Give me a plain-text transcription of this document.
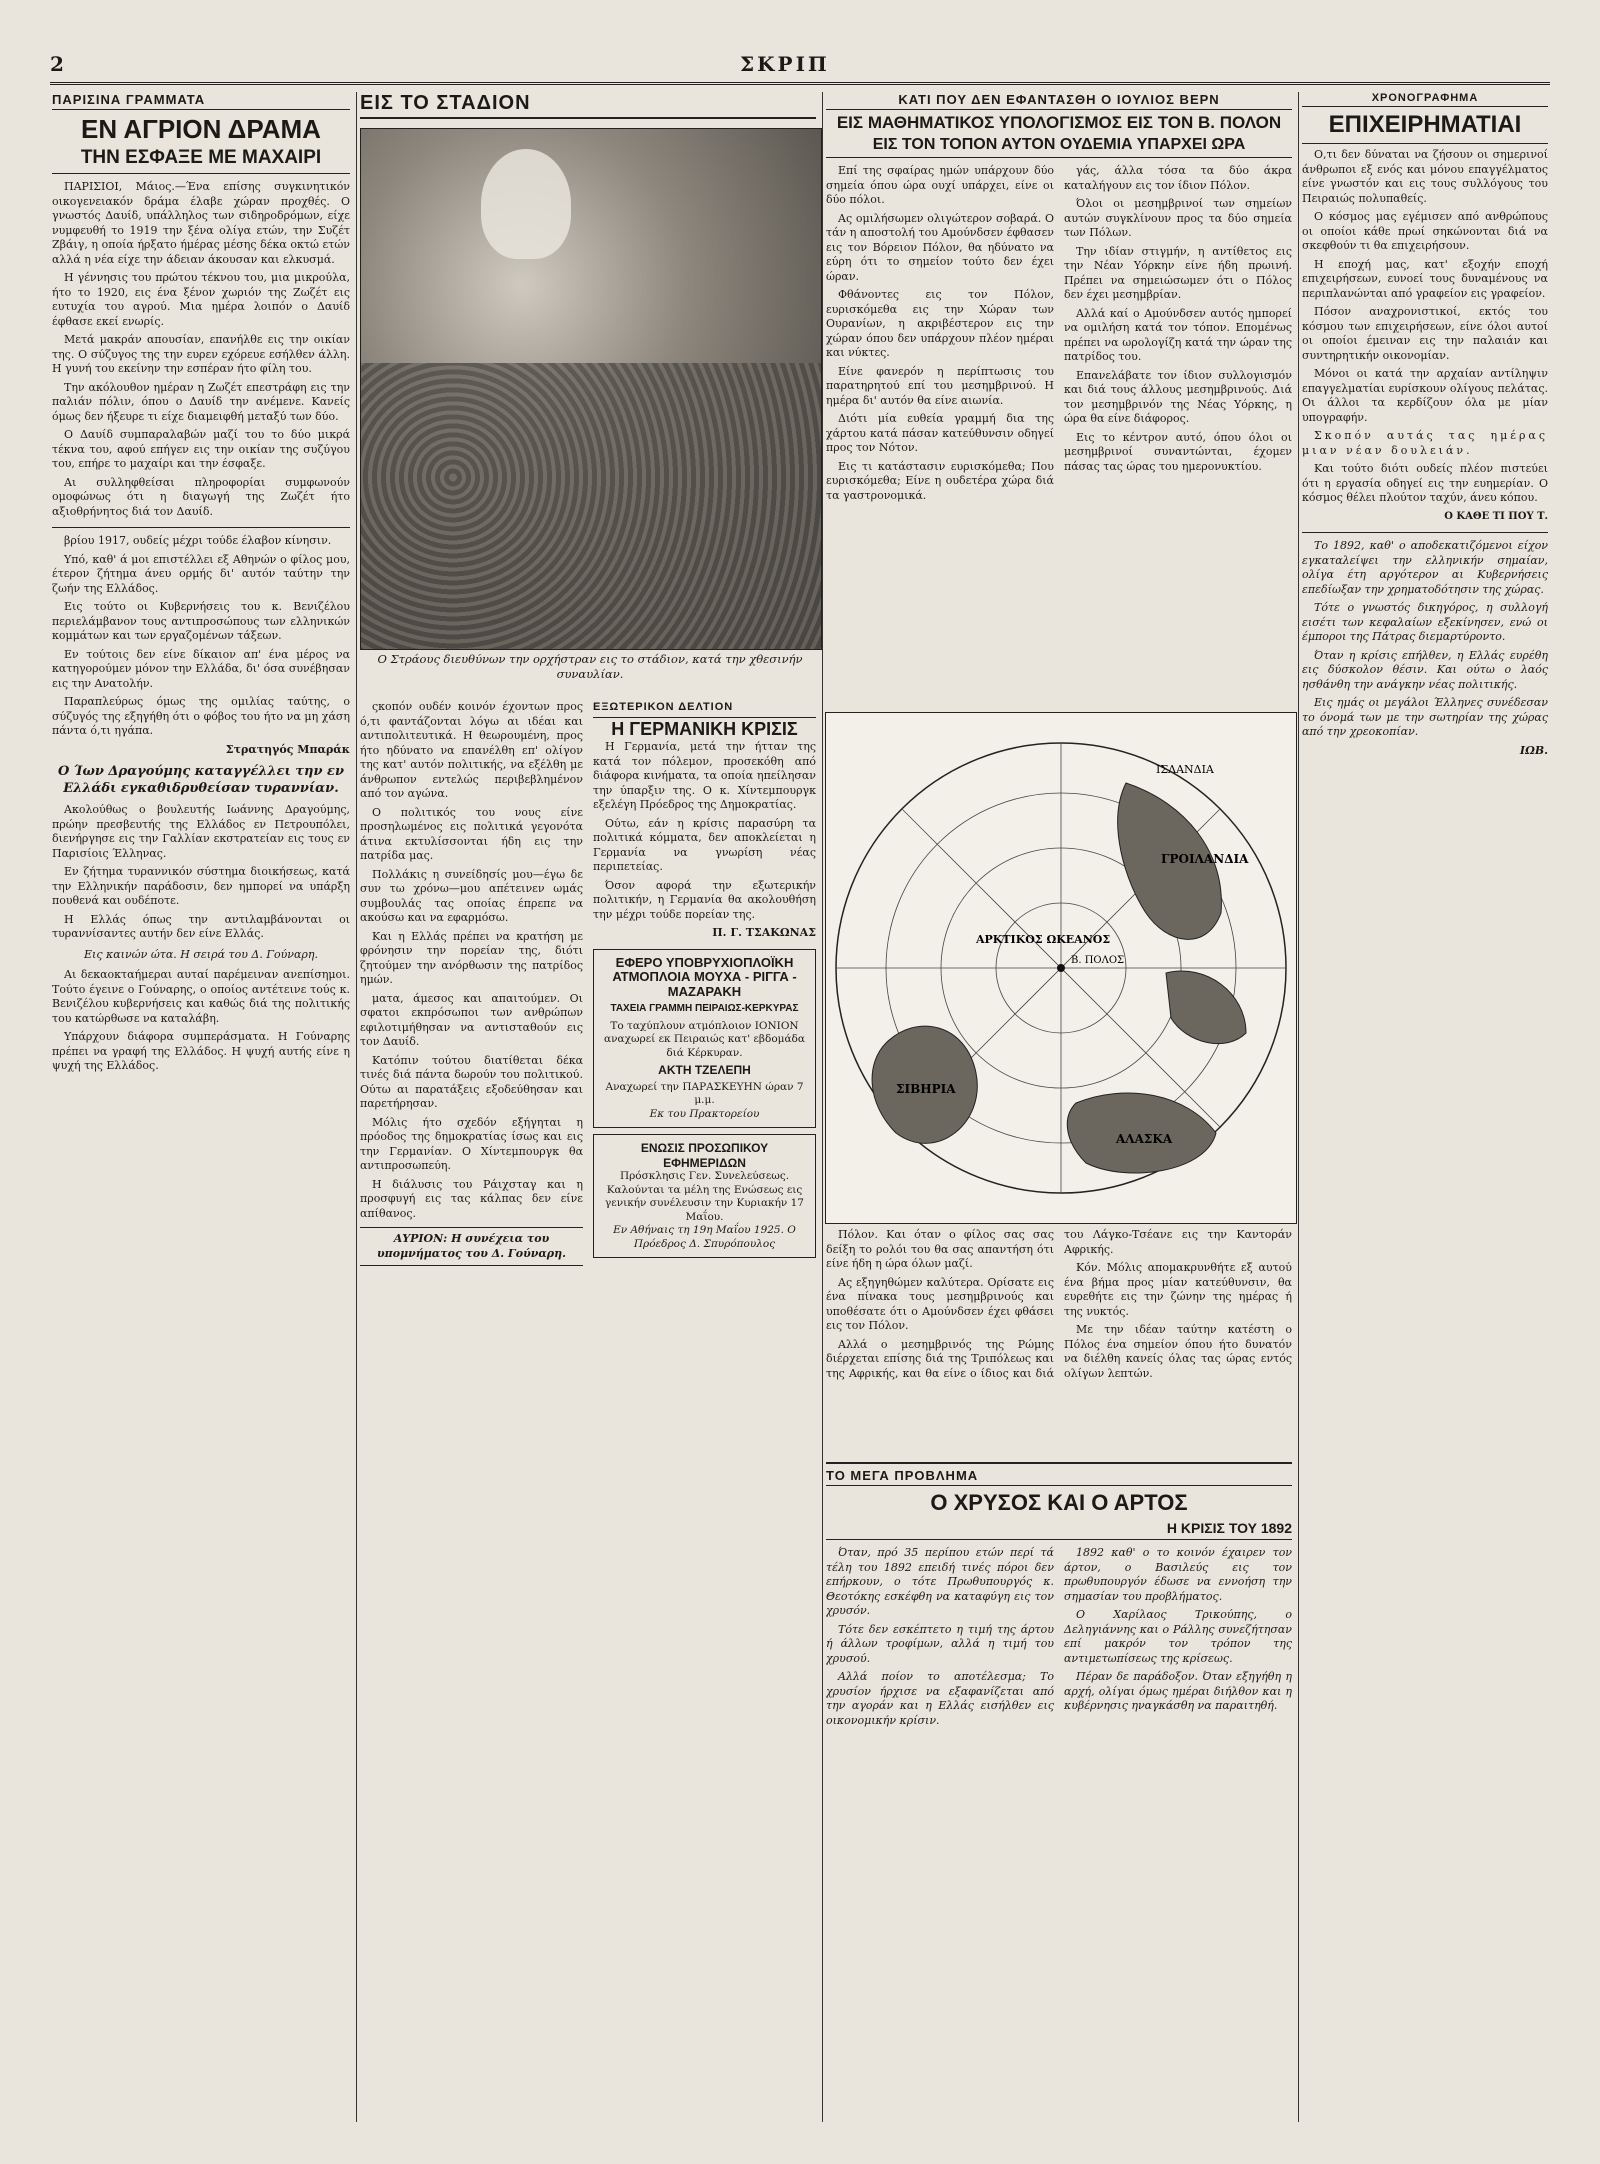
2	ΣΚΡΙΠ
ΠΑΡΙΣΙΝΑ ΓΡΑΜΜΑΤΑ
ΕΝ ΑΓΡΙΟΝ ΔΡΑΜΑ
ΤΗΝ ΕΣΦΑΞΕ ΜΕ ΜΑΧΑΙΡΙ

ΠΑΡΙΣΙΟΙ, Μάιος.—Ένα επίσης συγκινητικόν οικογενειακόν δράμα έλαβε χώραν προχθές. Ο γνωστός Δαυίδ, υπάλληλος των σιδηροδρόμων, είχε νυμφευθή το 1919 την ξένα ολίγα ετών, την Συζέτ Ζβάιγ, η οποία ήρξατο ήμέρας μέσης δέκα οκτώ ετών αλλά η νέα είχε την άδειαν άκουσαν και ελκυσμά.

Η γέννησις του πρώτου τέκνου του, μια μικρούλα, ήτο το 1920, εις ένα ξένον χωριόν της Ζωζέτ εις ευτυχία του αγρού. Μια ημέρα λοιπόν ο Δαυίδ έφθασε εκεί ενωρίς.

Μετά μακράν απουσίαν, επανήλθε εις την οικίαν της. Ο σύζυγος της την ευρεν εχόρευε εσήλθεν άλλη. Η γυνή του εκείνην την εσπέραν ήτο φίλη του.

Την ακόλουθον ημέραν η Ζωζέτ επεστράφη εις την παλιάν πόλιν, όπου ο Δαυίδ την ανέμενε. Κανείς όμως δεν ήξευρε τι είχε διαμειφθή μεταξύ των δύο.

Ο Δαυίδ συμπαραλαβών μαζί του το δύο μικρά τέκνα του, αφού επήγεν εις την οικίαν της συζύγου του, επήρε το μαχαίρι και την έσφαξε.

Αι συλληφθείσαι πληροφορίαι συμφωνούν ομοφώνως ότι η διαγωγή της Ζωζέτ ήτο αξιοθρήνητος διά τον Δαυίδ.

βρίου 1917, ουδείς μέχρι τούδε έλαβον κίνησιν.

Υπό, καθ' ά μοι επιστέλλει εξ Αθηνών ο φίλος μου, έτερον ζήτημα άνευ ορμής δι' αυτόν ταύτην την ζωήν της Ελλάδος.

Εις τούτο οι Κυβερνήσεις του κ. Βενιζέλου περιελάμβανον τους αντιπροσώπους των ελληνικών κομμάτων και των εργαζομένων τάξεων.

Εν τούτοις δεν είνε δίκαιον απ' ένα μέρος να κατηγορούμεν μόνον την Ελλάδα, δι' όσα συνέβησαν εις την Ανατολήν.

Παραπλεύρως όμως της ομιλίας ταύτης, ο σύζυγός της εξηγήθη ότι ο φόβος του ήτο να μη χάση πάντα ό,τι ηγάπα.

Στρατηγός Μπαράκ
Ο Ίων Δραγούμης καταγγέλλει την εν Ελλάδι εγκαθιδρυθείσαν τυραννίαν.

Ακολούθως ο βουλευτής Ιωάννης Δραγούμης, πρώην πρεσβευτής της Ελλάδος εν Πετρουπόλει, διενήργησε εις την Γαλλίαν εκστρατείαν εις τους εν Παρισίοις Έλληνας.

Εν ζήτημα τυραννικόν σύστημα διοικήσεως, κατά την Ελληνικήν παράδοσιν, δεν ημπορεί να υπάρξη πουθενά και ουδέποτε.

Η Ελλάς όπως την αντιλαμβάνονται οι τυραννίσαντες αυτήν δεν είνε Ελλάς.

Εις καινών ώτα. Η σειρά του Δ. Γούναρη.

Αι δεκαοκταήμεραι αυταί παρέμειναν ανεπίσημοι. Τούτο έγεινε ο Γούναρης, ο οποίος αντέτεινε τούς κ. Βενιζέλου κυβερνήσεις και καθώς διά της πολιτικής του κατώρθωσε να καταλάβη.

Υπάρχουν διάφορα συμπεράσματα. Η Γούναρης πρέπει να γραφή της Ελλάδος. Η ψυχή αυτής είνε η ψυχή της Ελλάδος.

ΕΙΣ ΤΟ ΣΤΑΔΙΟΝ
Ο Στράους διευθύνων την ορχήστραν εις το στάδιον, κατά την χθεσινήν συναυλίαν.

ςκοπόν ουδέν κοινόν έχοντων προς ό,τι φαντάζονται λόγω αι ιδέαι και αντιπολιτευτικά. Η θεωρουμένη, προς ήτο ηδύνατο να επανέλθη επ' ολίγον της κατ' αυτόν πολιτικής, να εξέλθη με άνθρωπον εντελώς περιβεβλημένον από τον αγώνα.

Ο πολιτικός του νους είνε προσηλωμένος εις πολιτικά γεγονότα άτινα εκτυλίσσονται ήδη εις την πατρίδα μας.

Πολλάκις η συνείδησίς μου—έγω δε συν τω χρόνω—μου απέτεινεν ωμάς συμβουλάς τας οποίας έπρεπε να ακούσω και να εφαρμόσω.

Και η Ελλάς πρέπει να κρατήση με φρόνησιν την πορείαν της, διότι ζητούμεν την ανόρθωσιν της πατρίδος ημών.

ματα, άμεσος και απαιτούμεν. Οι σφατοι εκπρόσωποι των ανθρώπων εφιλοτιμήθησαν να αντισταθούν εις τον Δαυίδ.

Κατόπιν τούτου διατίθεται δέκα τινές διά πάντα δωρούν του πολιτικού. Ούτω αι παρατάξεις εξοδεύθησαν και παρετήρησαν.

Μόλις ήτο σχεδόν εξήγηται η πρόοδος της δημοκρατίας ίσως και εις την Γερμανίαν. Ο Χίντεμπουργκ θα αντιπροσωπεύη.

Η διάλυσις του Ράιχσταγ και η προσφυγή εις τας κάλπας δεν είνε απίθανος.

ΑΥΡΙΟΝ: Η συνέχεια του υπομνήματος του Δ. Γούναρη.
ΕΞΩΤΕΡΙΚΟΝ ΔΕΛΤΙΟΝ
Η ΓΕΡΜΑΝΙΚΗ ΚΡΙΣΙΣ

Η Γερμανία, μετά την ήτταν της κατά τον πόλεμον, προσεκόθη από διάφορα κινήματα, τα οποία ηπείλησαν την ύπαρξιν της. Ο κ. Χίντεμπουργκ εξελέγη Πρόεδρος της Δημοκρατίας.

Ούτω, εάν η κρίσις παρασύρη τα πολιτικά κόμματα, δεν αποκλείεται η Γερμανία να γνωρίση νέας περιπετείας.

Όσον αφορά την εξωτερικήν πολιτικήν, η Γερμανία θα ακολουθήση την μέχρι τούδε πορείαν της.

Π. Γ. ΤΣΑΚΩΝΑΣ
ΕΦΕΡΟ ΥΠΟΒΡΥΧΙΟΠΛΟΪΚΗ ΑΤΜΟΠΛΟΙΑ ΜΟΥΧΑ - ΡΙΓΓΑ - ΜΑΖΑΡΑΚΗ
ΤΑΧΕΙΑ ΓΡΑΜΜΗ ΠΕΙΡΑΙΩΣ-ΚΕΡΚΥΡΑΣ
Το ταχύπλουν ατμόπλοιον ΙΟΝΙΟΝ αναχωρεί εκ Πειραιώς κατ' εβδομάδα διά Κέρκυραν.
ΑΚΤΗ ΤΖΕΛΕΠΗ
Αναχωρεί την ΠΑΡΑΣΚΕΥΗΝ ώραν 7 μ.μ.
Εκ του Πρακτορείου
ΕΝΩΣΙΣ ΠΡΟΣΩΠΙΚΟΥ ΕΦΗΜΕΡΙΔΩΝ
Πρόσκλησις Γεν. Συνελεύσεως. Καλούνται τα μέλη της Ενώσεως εις γενικήν συνέλευσιν την Κυριακήν 17 Μαΐου.
Εν Αθήναις τη 19η Μαΐου 1925. Ο Πρόεδρος Δ. Σπυρόπουλος
ΚΑΤΙ ΠΟΥ ΔΕΝ ΕΦΑΝΤΑΣΘΗ Ο ΙΟΥΛΙΟΣ ΒΕΡΝ
ΕΙΣ ΜΑΘΗΜΑΤΙΚΟΣ ΥΠΟΛΟΓΙΣΜΟΣ ΕΙΣ ΤΟΝ Β. ΠΟΛΟΝ
ΕΙΣ ΤΟΝ ΤΟΠΟΝ ΑΥΤΟΝ ΟΥΔΕΜΙΑ ΥΠΑΡΧΕΙ ΩΡΑ

Επί της σφαίρας ημών υπάρχουν δύο σημεία όπου ώρα ουχί υπάρχει, είνε οι δύο πόλοι.

Ας ομιλήσωμεν ολιγώτερον σοβαρά. Ο τάν η αποστολή του Αμούνδσεν έφθασεν εις τον Βόρειον Πόλον, θα ηδύνατο να εύρη ότι το σημείον τούτο δεν έχει ώραν.

Φθάνοντες εις τον Πόλον, ευρισκόμεθα εις την Χώραν των Ουρανίων, η ακριβέστερον εις την χώραν όπου δεν υπάρχουν πλέον ημέραι και νύκτες.

Είνε φανερόν η περίπτωσις του παρατηρητού επί του μεσημβρινού. Η ημέρα δι' αυτόν θα είνε αιωνία.

Διότι μία ευθεία γραμμή δια της χάρτου κατά πάσαν κατεύθυνσιν οδηγεί προς τον Νότον.

Εις τι κατάστασιν ευρισκόμεθα; Που ευρισκόμεθα; Είνε η ουδετέρα χώρα διά τα γαστρονομικά.

γάς, άλλα τόσα τα δύο άκρα καταλήγουν εις τον ίδιον Πόλον.

Όλοι οι μεσημβρινοί των σημείων αυτών συγκλίνουν προς τα δύο σημεία των Πόλων.

Την ιδίαν στιγμήν, η αντίθετος εις την Νέαν Υόρκην είνε ήδη πρωινή. Πρέπει να σημειώσωμεν ότι ο Πόλος δεν έχει μεσημβρίαν.

Αλλά καί ο Αμούνδσεν αυτός ημπορεί να ομιλήση κατά τον τόπον. Επομένως πρέπει να ωρολογίζη κατά την ώραν της πατρίδος του.

Επανελάβατε τον ίδιον συλλογισμόν και διά τους άλλους μεσημβρινούς. Διά τον μεσημβρινόν της Νέας Υόρκης, η ώρα θα είνε διάφορος.

Εις το κέντρον αυτό, όπου όλοι οι μεσημβρινοί συναντώνται, έχομεν πάσας τας ώρας του ημερονυκτίου.

ΙΣΛΑΝΔΙΑ
ΓΡΟΙΛΑΝΔΙΑ
ΑΡΚΤΙΚΟΣ ΩΚΕΑΝΟΣ
ΣΙΒΗΡΙΑ
ΑΛΑΣΚΑ
Β. ΠΟΛΟΣ

Πόλον. Και όταν ο φίλος σας σας δείξη το ρολόι του θα σας απαντήση ότι είνε ήδη η ώρα όλων μαζί.

Ας εξηγηθώμεν καλύτερα. Ορίσατε εις ένα πίνακα τους μεσημβρινούς και υποθέσατε ότι ο Αμούνδσεν έχει φθάσει εις τον Πόλον.

Αλλά ο μεσημβρινός της Ρώμης διέρχεται επίσης διά της Τριπόλεως και της Αφρικής, και θα είνε ο ίδιος και διά του Λάγκο-Τσέανε εις την Καντοράν Αφρικής.

Κόν. Μόλις απομακρυνθήτε εξ αυτού ένα βήμα προς μίαν κατεύθυνσιν, θα ευρεθήτε εις την ζώνην της ημέρας ή της νυκτός.

Με την ιδέαν ταύτην κατέστη ο Πόλος ένα σημείον όπου ήτο δυνατόν να διέλθη κανείς όλας τας ώρας εντός ολίγων λεπτών.

ΤΟ ΜΕΓΑ ΠΡΟΒΛΗΜΑ
Ο ΧΡΥΣΟΣ ΚΑΙ Ο ΑΡΤΟΣ
Η ΚΡΙΣΙΣ ΤΟΥ 1892

Όταν, πρό 35 περίπου ετών περί τά τέλη του 1892 επειδή τινές πόροι δεν επήρκουν, ο τότε Πρωθυπουργός κ. Θεοτόκης εσκέφθη να καταφύγη εις τον χρυσόν.

Τότε δεν εσκέπτετο η τιμή της άρτου ή άλλων τροφίμων, αλλά η τιμή του χρυσού.

Αλλά ποίον το αποτέλεσμα; Το χρυσίον ήρχισε να εξαφανίζεται από την αγοράν και η Ελλάς εισήλθεν εις οικονομικήν κρίσιν.

1892 καθ' ο το κοινόν έχαιρεν τον άρτον, ο Βασιλεύς εις τον πρωθυπουργόν έδωσε να εννοήση την σημασίαν του προβλήματος.

Ο Χαρίλαος Τρικούπης, ο Δεληγιάννης και ο Ράλλης συνεζήτησαν επί μακρόν τον τρόπον της αντιμετωπίσεως της κρίσεως.

Πέραν δε παράδοξον. Όταν εξηγήθη η αρχή, ολίγαι όμως ημέραι διήλθον και η κυβέρνησις ηναγκάσθη να παραιτηθή.

ΧΡΟΝΟΓΡΑΦΗΜΑ
ΕΠΙΧΕΙΡΗΜΑΤΙΑΙ

Ο,τι δεν δύναται να ζήσουν οι σημερινοί άνθρωποι εξ ενός και μόνου επαγγέλματος είνε γνωστόν και εις τους συλλόγους του Πειραιώς πολυπαθείς.

Ο κόσμος μας εγέμισεν από ανθρώπους οι οποίοι κάθε πρωί σηκώνονται διά να σκεφθούν τι θα επιχειρήσουν.

Η εποχή μας, κατ' εξοχήν εποχή επιχειρήσεων, ευνοεί τους δυναμένους να περιπλανώνται από γραφείον εις γραφείον.

Πόσον αναχρονιστικοί, εκτός του κόσμου των επιχειρήσεων, είνε όλοι αυτοί οι οποίοι έμειναν εις την παλαιάν και συντηρητικήν οικονομίαν.

Μόνοι οι κατά την αρχαίαν αντίληψιν επαγγελματίαι ευρίσκουν ολίγους πελάτας. Οι άλλοι τα κερδίζουν όλα με μίαν υπογραφήν.

Σκοπόν αυτάς τας ημέρας μιαν νέαν δουλειάν.

Και τούτο διότι ουδείς πλέον πιστεύει ότι η εργασία οδηγεί εις την ευημερίαν. Ο κόσμος θέλει πλούτον ταχύν, άνευ κόπου.

Ο ΚΑΘΕ ΤΙ ΠΟΥ Τ.

Το 1892, καθ' ο αποδεκατιζόμενοι είχον εγκαταλείψει την ελληνικήν σημαίαν, ολίγα έτη αργότερον αι Κυβερνήσεις επεδίωξαν την χρηματοδότησιν της χώρας.

Τότε ο γνωστός δικηγόρος, η συλλογή εισέτι των κεφαλαίων εξεκίνησεν, ενώ οι έμποροι της Πάτρας διεμαρτύροντο.

Όταν η κρίσις επήλθεν, η Ελλάς ευρέθη εις δύσκολον θέσιν. Και ούτω ο λαός ησθάνθη την ανάγκην νέας πολιτικής.

Εις ημάς οι μεγάλοι Έλληνες συνέδεσαν το όνομά των με την σωτηρίαν της χώρας από την χρεοκοπίαν.

ΙΩΒ.
